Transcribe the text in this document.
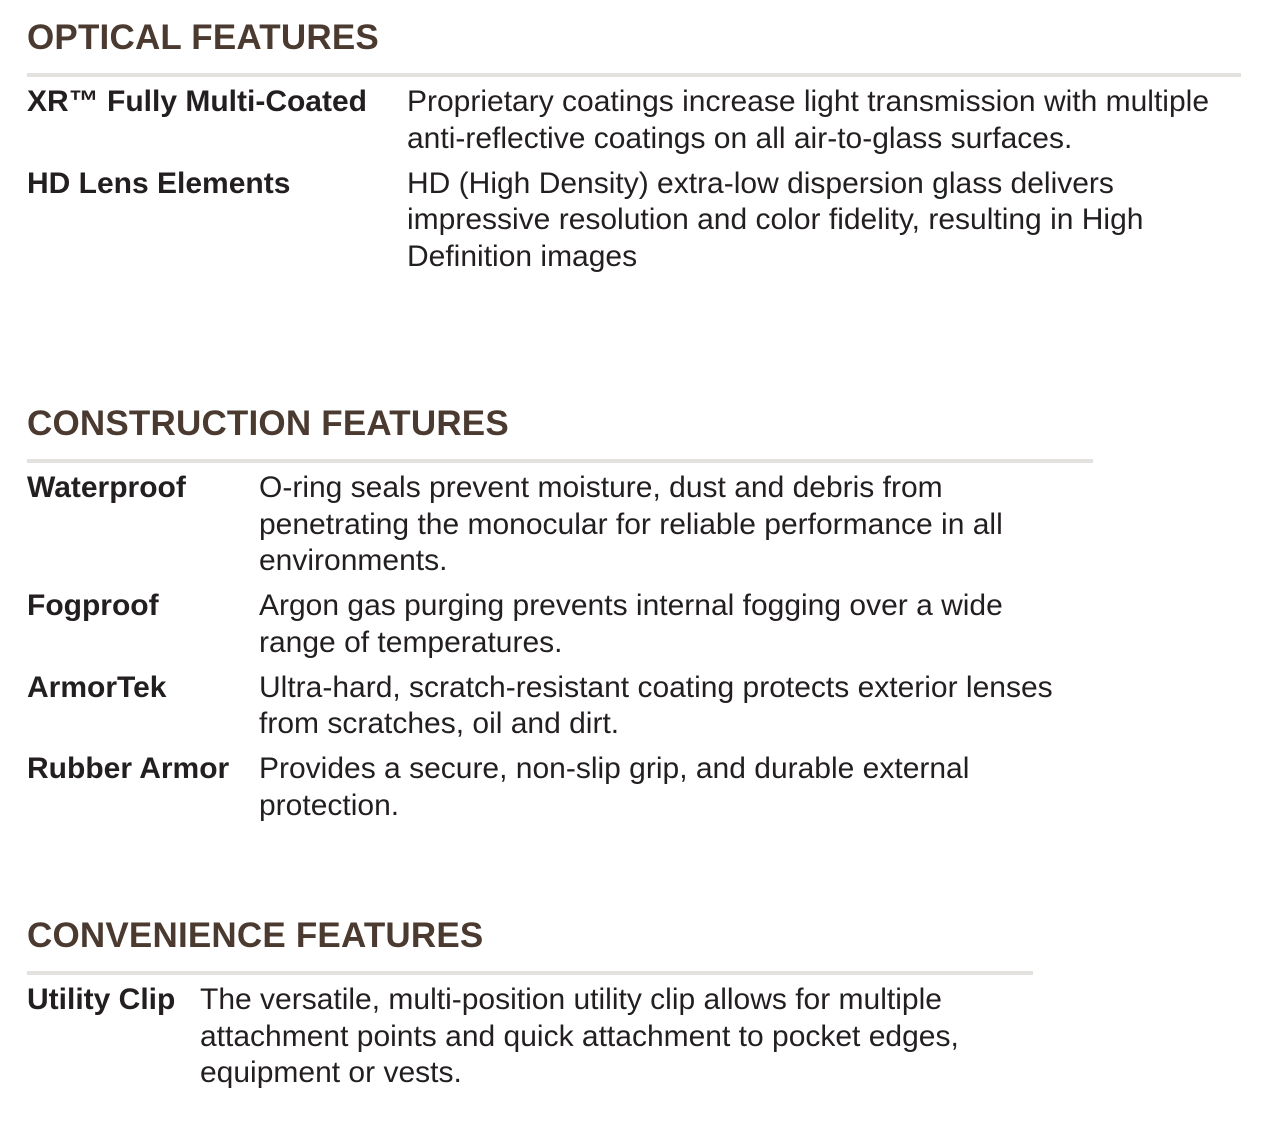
OPTICAL FEATURES
XR™ Fully Multi-Coated	Proprietary coatings increase light transmission with multiple anti-reflective coatings on all air-to-glass surfaces.
HD Lens Elements	HD (High Density) extra-low dispersion glass delivers impressive resolution and color fidelity, resulting in High Definition images
CONSTRUCTION FEATURES
Waterproof	O-ring seals prevent moisture, dust and debris from penetrating the monocular for reliable performance in all environments.
Fogproof	Argon gas purging prevents internal fogging over a wide range of temperatures.
ArmorTek	Ultra-hard, scratch-resistant coating protects exterior lenses from scratches, oil and dirt.
Rubber Armor	Provides a secure, non-slip grip, and durable external protection.
CONVENIENCE FEATURES
Utility Clip	The versatile, multi-position utility clip allows for multiple attachment points and quick attachment to pocket edges, equipment or vests.
